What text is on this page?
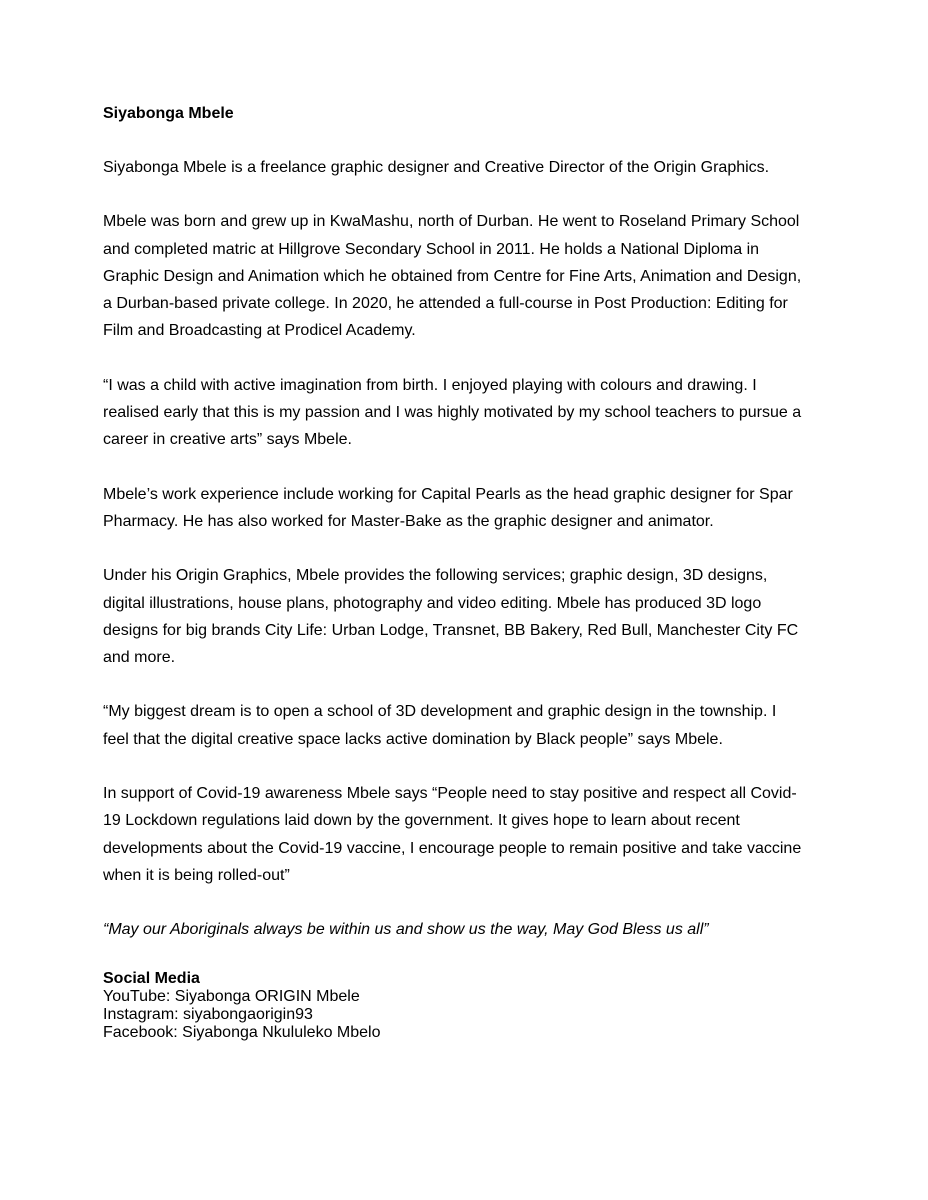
Siyabonga Mbele
Siyabonga Mbele is a freelance graphic designer and Creative Director of the Origin Graphics.
Mbele was born and grew up in KwaMashu, north of Durban. He went to Roseland Primary School and completed matric at Hillgrove Secondary School in 2011. He holds a National Diploma in Graphic Design and Animation which he obtained from Centre for Fine Arts, Animation and Design, a Durban-based private college. In 2020, he attended a full-course in Post Production: Editing for Film and Broadcasting at Prodicel Academy.
“I was a child with active imagination from birth. I enjoyed playing with colours and drawing. I realised early that this is my passion and I was highly motivated by my school teachers to pursue a career in creative arts” says Mbele.
Mbele’s work experience include working for Capital Pearls as the head graphic designer for Spar Pharmacy. He has also worked for Master-Bake as the graphic designer and animator.
Under his Origin Graphics, Mbele provides the following services; graphic design, 3D designs, digital illustrations, house plans, photography and video editing. Mbele has produced 3D logo designs for big brands City Life: Urban Lodge, Transnet, BB Bakery, Red Bull, Manchester City FC and more.
“My biggest dream is to open a school of 3D development and graphic design in the township. I feel that the digital creative space lacks active domination by Black people” says Mbele.
In support of Covid-19 awareness Mbele says “People need to stay positive and respect all Covid-19 Lockdown regulations laid down by the government. It gives hope to learn about recent developments about the Covid-19 vaccine, I encourage people to remain positive and take vaccine when it is being rolled-out”
“May our Aboriginals always be within us and show us the way, May God Bless us all”
Social Media
YouTube: Siyabonga ORIGIN Mbele
Instagram: siyabongaorigin93
Facebook: Siyabonga Nkululeko Mbelo
